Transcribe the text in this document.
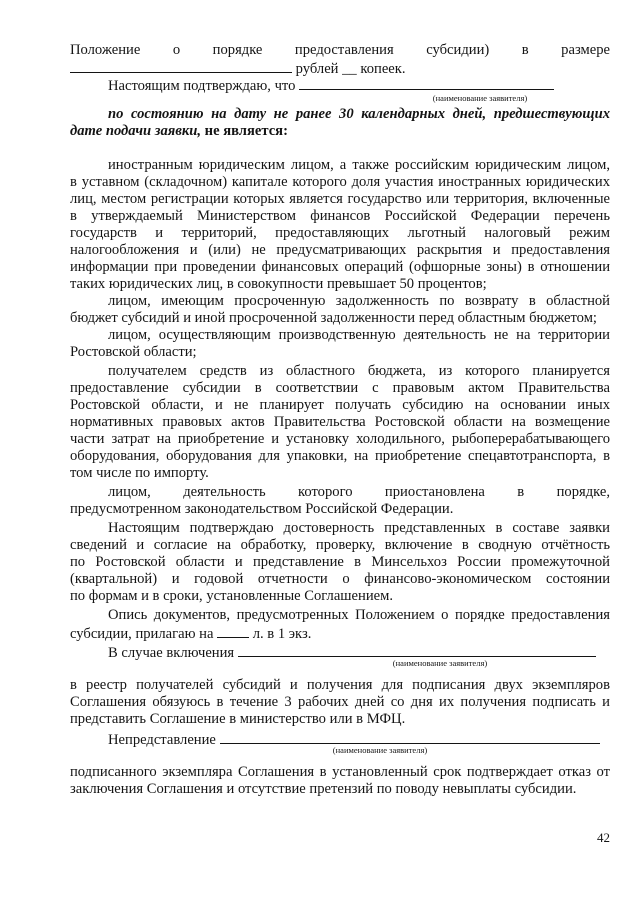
Положение о порядке предоставления субсидии) в размере
рублей __ копеек.
Настоящим подтверждаю, что
(наименование заявителя)
по состоянию на дату не ранее 30 календарных дней, предшествующих
дате подачи заявки, не является:
иностранным юридическим лицом, а также российским юридическим лицом,
в уставном (складочном) капитале которого доля участия иностранных юридических
лиц, местом регистрации которых является государство или территория, включенные
в утверждаемый Министерством финансов Российской Федерации перечень
государств и территорий, предоставляющих льготный налоговый режим
налогообложения и (или) не предусматривающих раскрытия и предоставления
информации при проведении финансовых операций (офшорные зоны) в отношении
таких юридических лиц, в совокупности превышает 50 процентов;
лицом, имеющим просроченную задолженность по возврату в областной
бюджет субсидий и иной просроченной задолженности перед областным бюджетом;
лицом, осуществляющим производственную деятельность не на территории
Ростовской области;
получателем средств из областного бюджета, из которого планируется
предоставление субсидии в соответствии с правовым актом Правительства
Ростовской области, и не планирует получать субсидию на основании иных
нормативных правовых актов Правительства Ростовской области на возмещение
части затрат на приобретение и установку холодильного, рыбоперерабатывающего
оборудования, оборудования для упаковки, на приобретение спецавтотранспорта, в
том числе по импорту.
лицом, деятельность которого приостановлена в порядке,
предусмотренном законодательством Российской Федерации.
Настоящим подтверждаю достоверность представленных в составе заявки
сведений и согласие на обработку, проверку, включение в сводную отчётность
по Ростовской области и представление в Минсельхоз России промежуточной
(квартальной) и годовой отчетности о финансово-экономическом состоянии
по формам и в сроки, установленные Соглашением.
Опись документов, предусмотренных Положением о порядке предоставления
субсидии, прилагаю на  л. в 1 экз.
В случае включения
(наименование заявителя)
в реестр получателей субсидий и получения для подписания двух экземпляров
Соглашения обязуюсь в течение 3 рабочих дней со дня их получения подписать и
представить Соглашение в министерство или в МФЦ.
Непредставление
(наименование заявителя)
подписанного экземпляра Соглашения в установленный срок подтверждает отказ от
заключения Соглашения и отсутствие претензий по поводу невыплаты субсидии.
42
